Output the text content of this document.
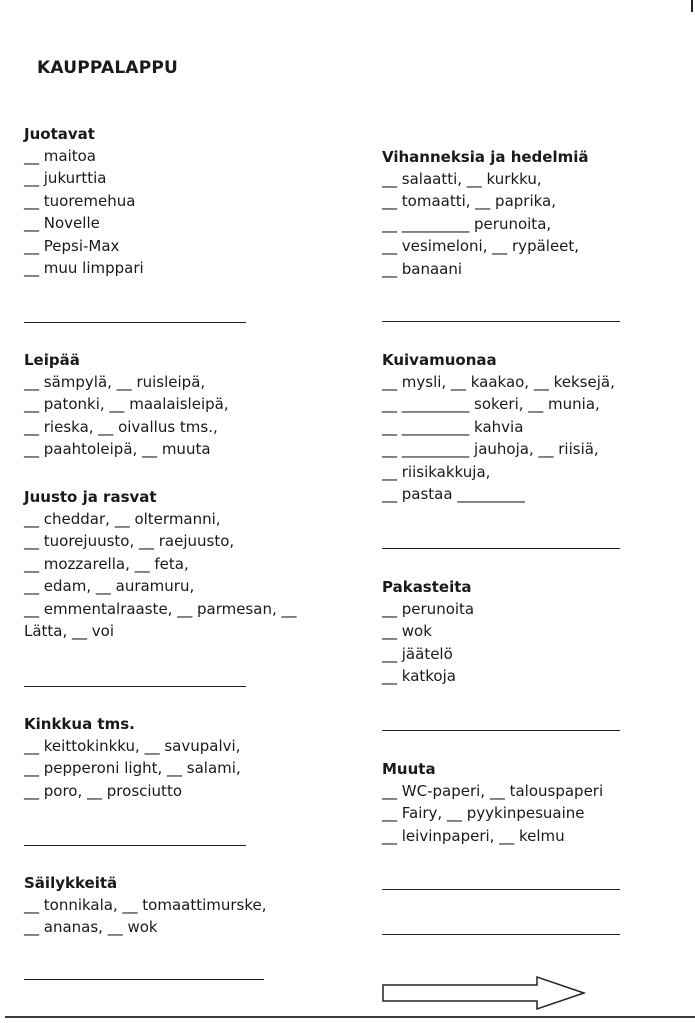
KAUPPALAPPU
Juotavat
__ maitoa
__ jukurttia
__ tuoremehua
__ Novelle
__ Pepsi-Max
__ muu limppari
Leipää
__ sämpylä, __ ruisleipä,
__ patonki, __ maalaisleipä,
__ rieska, __ oivallus tms.,
__ paahtoleipä, __ muuta
Juusto ja rasvat
__ cheddar, __ oltermanni,
__ tuorejuusto, __ raejuusto,
__ mozzarella, __ feta,
__ edam, __ auramuru,
__ emmentalraaste, __ parmesan, __
Lätta, __ voi
Kinkkua tms.
__ keittokinkku, __ savupalvi,
__ pepperoni light, __ salami,
__ poro, __ prosciutto
Säilykkeitä
__ tonnikala, __ tomaattimurske,
__ ananas, __ wok
Vihanneksia ja hedelmiä
__ salaatti, __ kurkku,
__ tomaatti, __ paprika,
__ _________ perunoita,
__ vesimeloni, __ rypäleet,
__ banaani
Kuivamuonaa
__ mysli, __ kaakao, __ keksejä,
__ _________ sokeri, __ munia,
__ _________ kahvia
__ _________ jauhoja, __ riisiä,
__ riisikakkuja,
__ pastaa _________
Pakasteita
__ perunoita
__ wok
__ jäätelö
__ katkoja
Muuta
__ WC-paperi, __ talouspaperi
__ Fairy, __ pyykinpesuaine
__ leivinpaperi, __ kelmu
